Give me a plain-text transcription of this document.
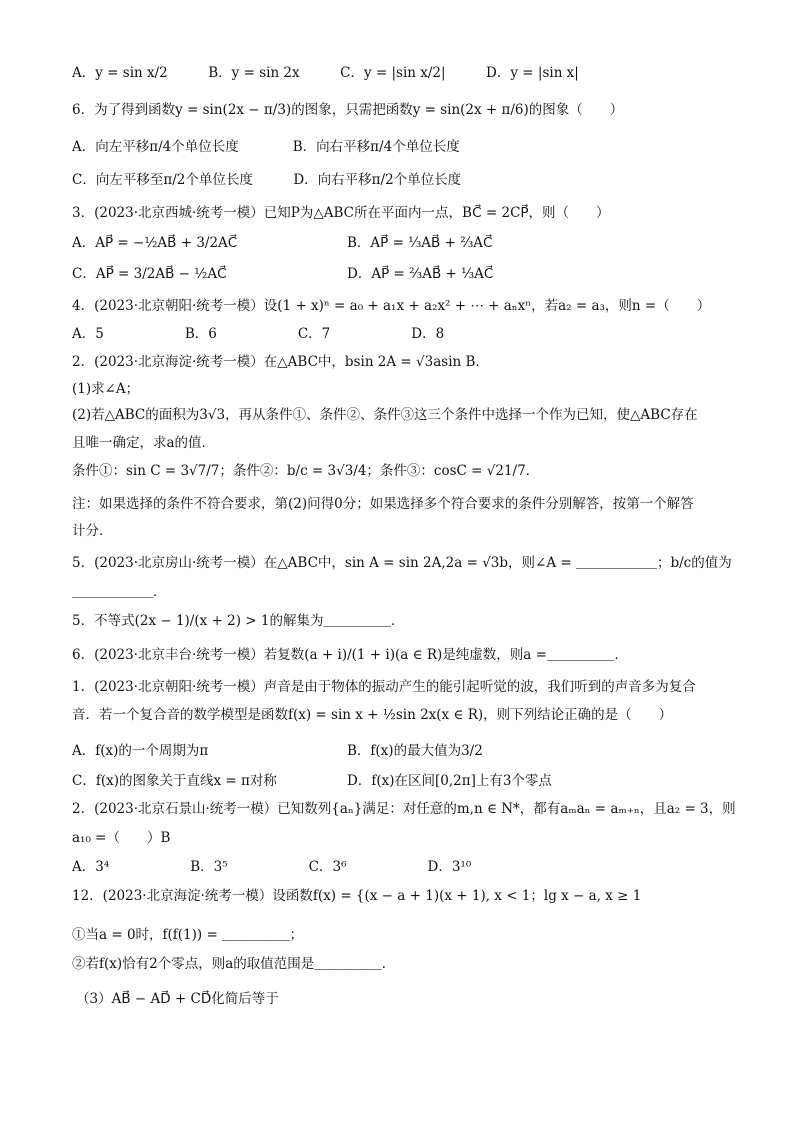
A．y = sin x/2　　　B．y = sin 2x　　　C．y = |sin x/2|　　　D．y = |sin x|
6．为了得到函数y = sin(2x − π/3)的图象，只需把函数y = sin(2x + π/6)的图象（　　）
A．向左平移π/4个单位长度　　　　B．向右平移π/4个单位长度
C．向左平移至π/2个单位长度　　　D．向右平移π/2个单位长度
3．(2023·北京西城·统考一模）已知P为△ABC所在平面内一点，BC⃗ = 2CP⃗，则（　　）
A．AP⃗ = −½AB⃗ + 3/2AC⃗	B．AP⃗ = ⅓AB⃗ + ⅔AC⃗
C．AP⃗ = 3/2AB⃗ − ½AC⃗	D．AP⃗ = ⅔AB⃗ + ⅓AC⃗
4．(2023·北京朝阳·统考一模）设(1 + x)ⁿ = a₀ + a₁x + a₂x² + ⋯ + aₙxⁿ，若a₂ = a₃，则n =（　　）
A．5　　　　　　B．6　　　　　　C．7　　　　　　D．8
2．(2023·北京海淀·统考一模）在△ABC中，bsin 2A = √3asin B．
(1)求∠A；
(2)若△ABC的面积为3√3，再从条件①、条件②、条件③这三个条件中选择一个作为已知，使△ABC存在
且唯一确定，求a的值．
条件①：sin C = 3√7/7；条件②：b/c = 3√3/4；条件③：cosC = √21/7．
注：如果选择的条件不符合要求，第(2)问得0分；如果选择多个符合要求的条件分别解答，按第一个解答
计分．
5．(2023·北京房山·统考一模）在△ABC中，sin A = sin 2A,2a = √3b，则∠A = ＿＿＿＿＿＿；b/c的值为
＿＿＿＿＿＿．
5．不等式(2x − 1)/(x + 2) > 1的解集为＿＿＿＿＿．
6．(2023·北京丰台·统考一模）若复数(a + i)/(1 + i)(a ∈ R)是纯虚数，则a =＿＿＿＿＿．
1．(2023·北京朝阳·统考一模）声音是由于物体的振动产生的能引起听觉的波，我们听到的声音多为复合
音．若一个复合音的数学模型是函数f(x) = sin x + ½sin 2x(x ∈ R)，则下列结论正确的是（　　）
A．f(x)的一个周期为π	B．f(x)的最大值为3/2
C．f(x)的图象关于直线x = π对称	D．f(x)在区间[0,2π]上有3个零点
2．(2023·北京石景山·统考一模）已知数列{aₙ}满足：对任意的m,n ∈ N*，都有aₘaₙ = aₘ₊ₙ，且a₂ = 3，则
a₁₀ =（　　）B
A．3⁴　　　　　　B．3⁵　　　　　　C．3⁶　　　　　　D．3¹⁰
12．(2023·北京海淀·统考一模）设函数f(x) = {(x − a + 1)(x + 1), x < 1；lg x − a, x ≥ 1
①当a = 0时，f(f(1)) = ＿＿＿＿＿；
②若f(x)恰有2个零点，则a的取值范围是＿＿＿＿＿．
（3）AB⃗ − AD⃗ + CD⃗化简后等于
